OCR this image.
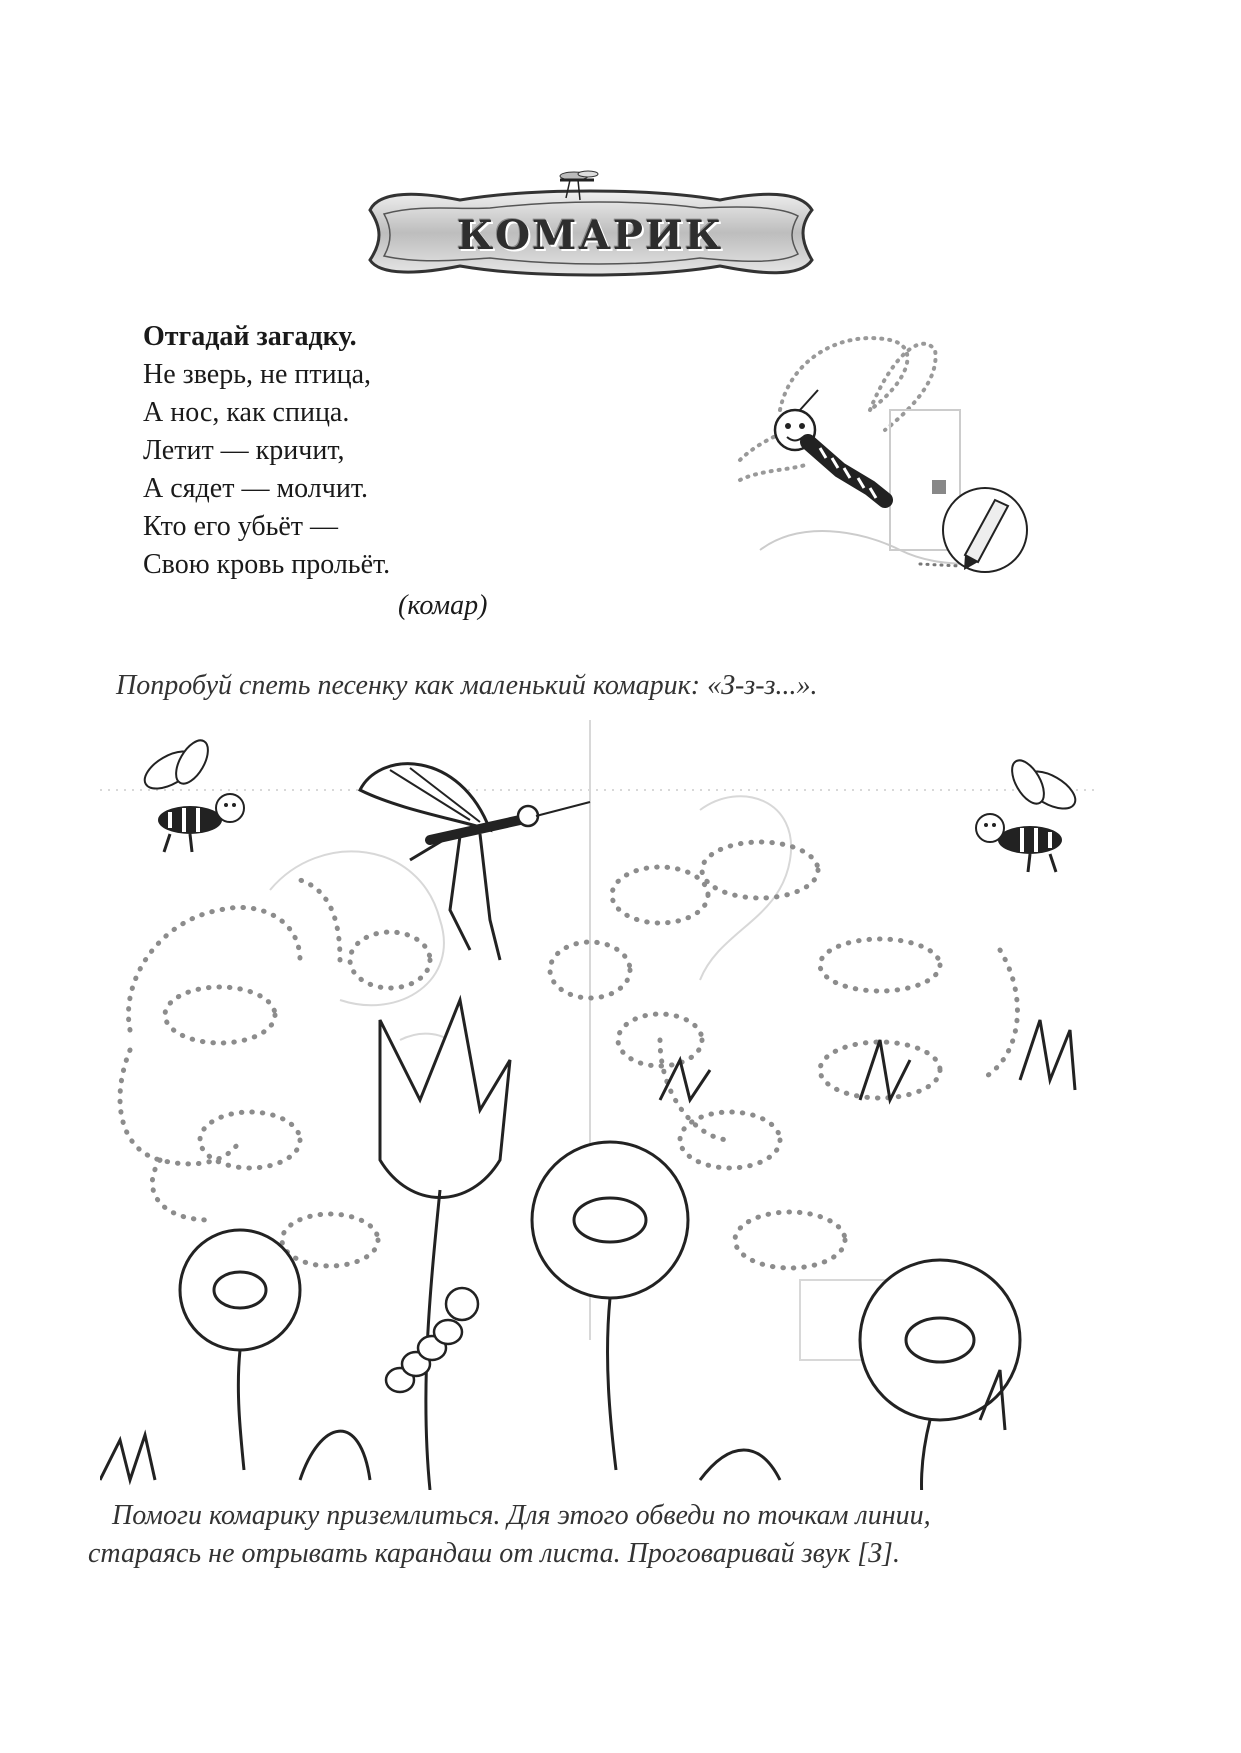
КОМАРИК
Отгадай загадку.
Не зверь, не птица,
А нос, как спица.
Летит — кричит,
А сядет — молчит.
Кто его убьёт —
Свою кровь прольёт.
(комар)
Попробуй спеть песенку как маленький комарик: «З-з-з...».
Помоги комарику приземлиться. Для этого обведи по точкам линии,
стараясь не отрывать карандаш от листа. Проговаривай звук [З].
